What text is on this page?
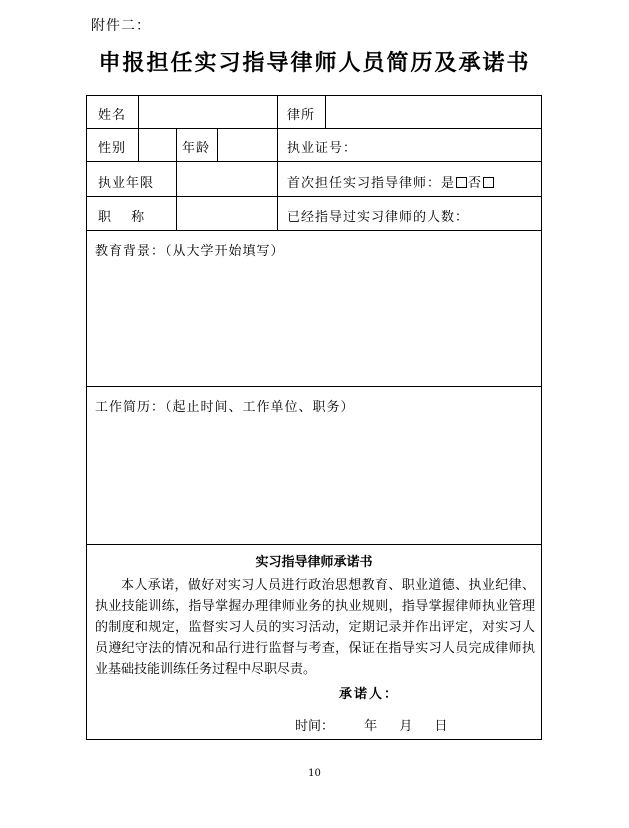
附件二：
申报担任实习指导律师人员简历及承诺书
姓名	律所
性别	年龄	执业证号：
执业年限	首次担任实习指导律师：是 否
职　 称	已经指导过实习律师的人数：
教育背景：（从大学开始填写）
工作简历：（起止时间、工作单位、职务）
实习指导律师承诺书
本人承诺，做好对实习人员进行政治思想教育、职业道德、执业纪律、执业技能训练，指导掌握办理律师业务的执业规则，指导掌握律师执业管理的制度和规定，监督实习人员的实习活动，定期记录并作出评定，对实习人员遵纪守法的情况和品行进行监督与考查，保证在指导实习人员完成律师执业基础技能训练任务过程中尽职尽责。
承诺人：
时间： 年 月 日
10
